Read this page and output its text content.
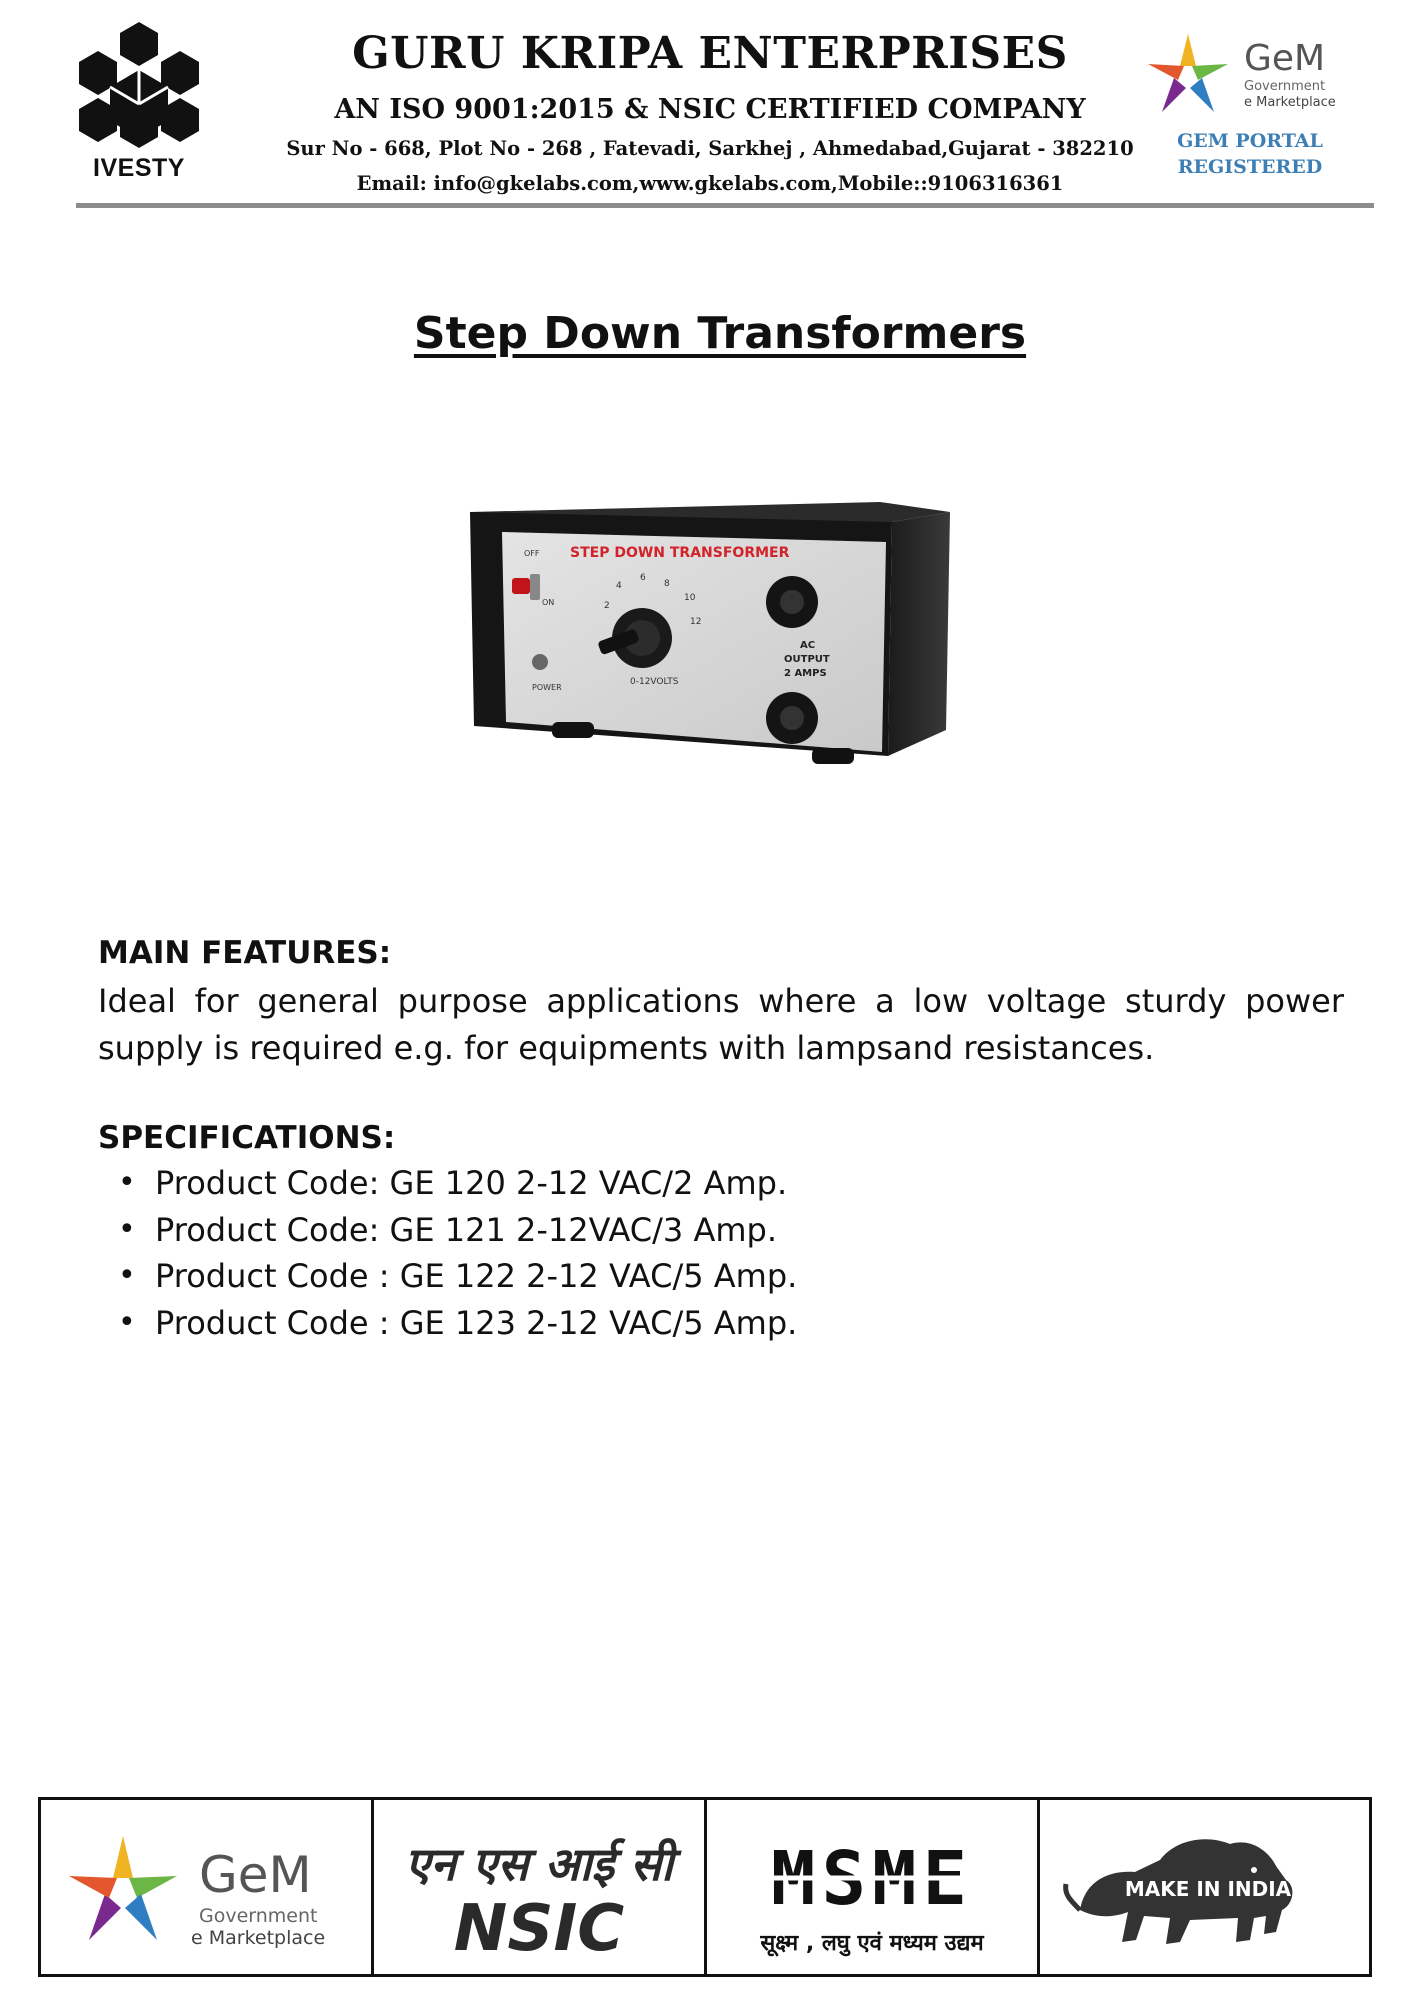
IVESTY
GURU KRIPA ENTERPRISES
AN ISO 9001:2015 & NSIC CERTIFIED COMPANY
Sur No - 668, Plot No - 268 , Fatevadi, Sarkhej , Ahmedabad,Gujarat - 382210
Email: info@gkelabs.com,www.gkelabs.com,Mobile::9106316361
GeM
Government
e Marketplace
GEM PORTAL
REGISTERED
Step Down Transformers
STEP DOWN TRANSFORMER
OFF
ON
POWER
2
4
6
8
10
12
0-12VOLTS
AC
OUTPUT
2 AMPS
MAIN FEATURES:
Ideal for general purpose applications where a low voltage sturdy power supply is required e.g. for equipments with lampsand resistances.
SPECIFICATIONS:
• Product Code: GE 120 2-12 VAC/2 Amp.
• Product Code: GE 121 2-12VAC/3 Amp.
• Product Code : GE 122 2-12 VAC/5 Amp.
• Product Code : GE 123 2-12 VAC/5 Amp.
GeM
Government
e Marketplace
एन एस आई सी
NSIC
MSME
सूक्ष्म , लघु एवं मध्यम उद्यम
MAKE IN INDIA
